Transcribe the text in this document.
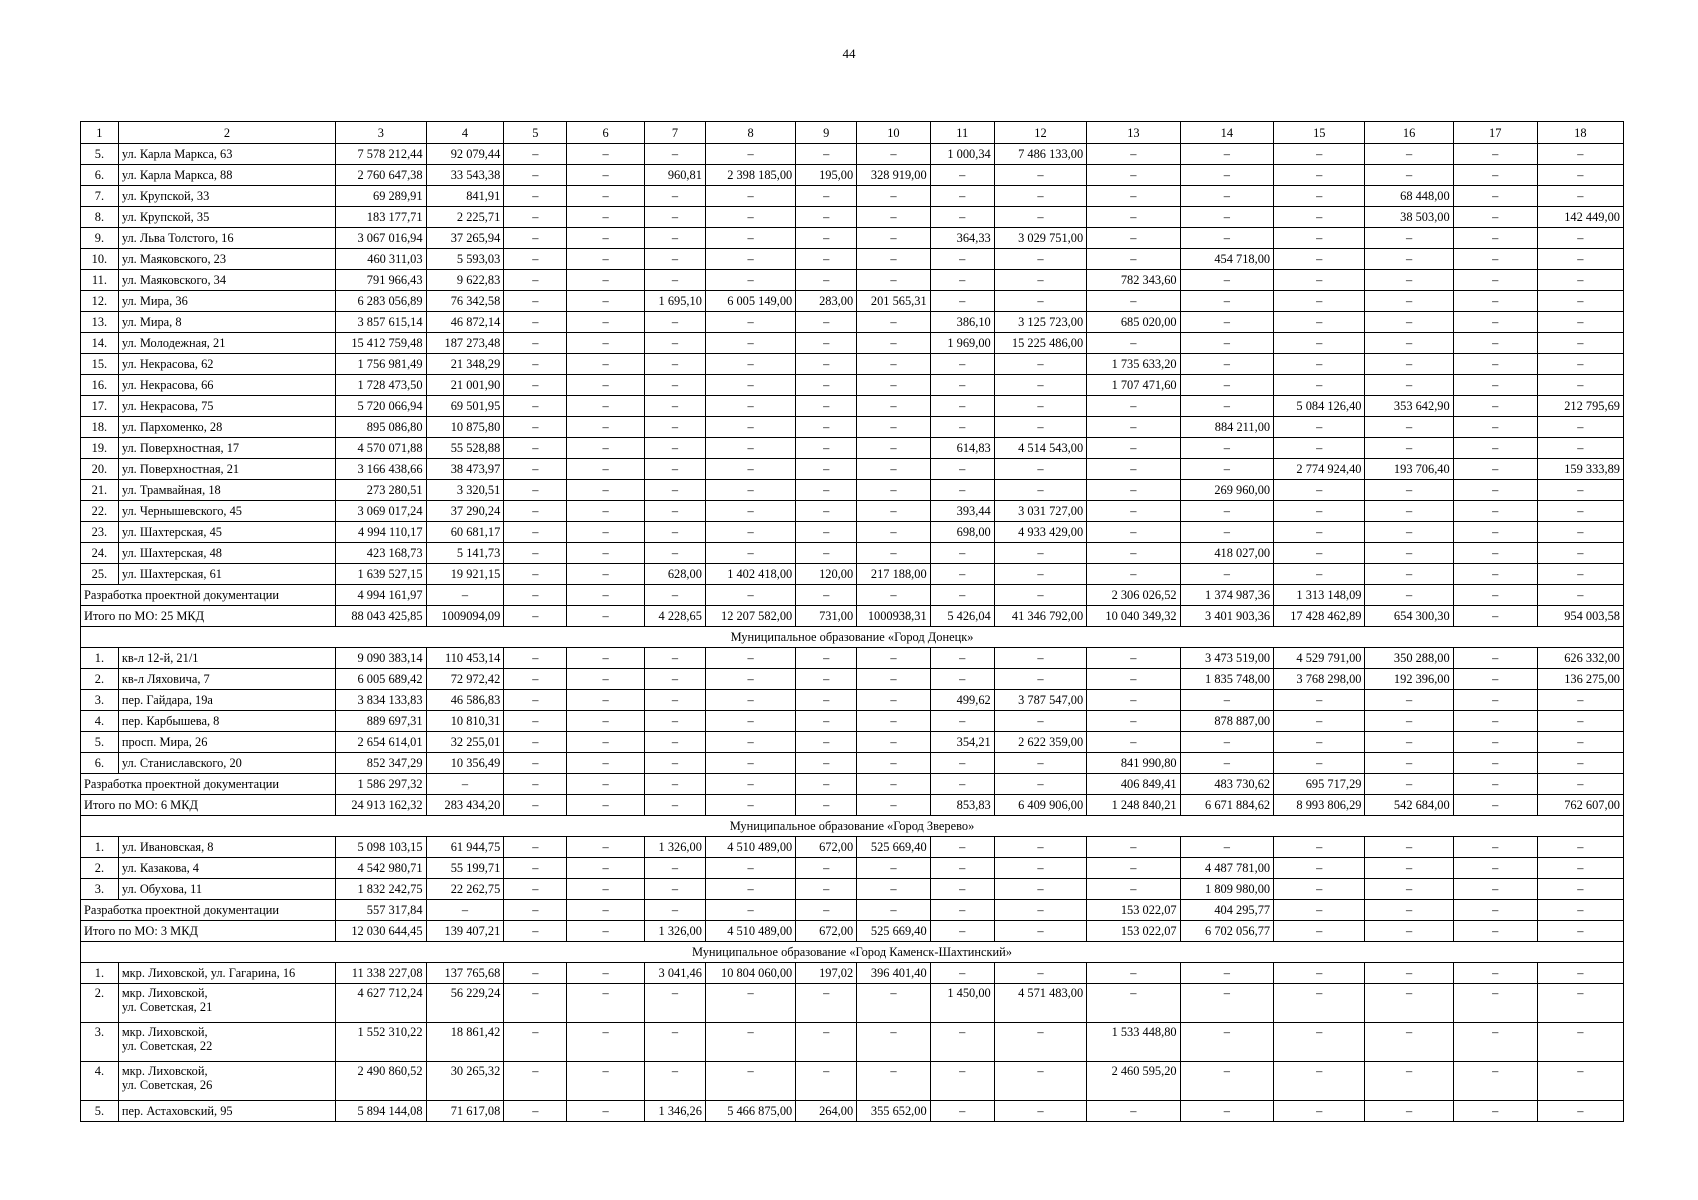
44
1	2	3	4	5	6	7	8	9	10	11	12	13	14	15	16	17	18
5.	ул. Карла Маркса, 63	7 578 212,44	92 079,44	–	–	–	–	–	–	1 000,34	7 486 133,00	–	–	–	–	–	–
6.	ул. Карла Маркса, 88	2 760 647,38	33 543,38	–	–	960,81	2 398 185,00	195,00	328 919,00	–	–	–	–	–	–	–	–
7.	ул. Крупской, 33	69 289,91	841,91	–	–	–	–	–	–	–	–	–	–	–	68 448,00	–	–
8.	ул. Крупской, 35	183 177,71	2 225,71	–	–	–	–	–	–	–	–	–	–	–	38 503,00	–	142 449,00
9.	ул. Льва Толстого, 16	3 067 016,94	37 265,94	–	–	–	–	–	–	364,33	3 029 751,00	–	–	–	–	–	–
10.	ул. Маяковского, 23	460 311,03	5 593,03	–	–	–	–	–	–	–	–	–	454 718,00	–	–	–	–
11.	ул. Маяковского, 34	791 966,43	9 622,83	–	–	–	–	–	–	–	–	782 343,60	–	–	–	–	–
12.	ул. Мира, 36	6 283 056,89	76 342,58	–	–	1 695,10	6 005 149,00	283,00	201 565,31	–	–	–	–	–	–	–	–
13.	ул. Мира, 8	3 857 615,14	46 872,14	–	–	–	–	–	–	386,10	3 125 723,00	685 020,00	–	–	–	–	–
14.	ул. Молодежная, 21	15 412 759,48	187 273,48	–	–	–	–	–	–	1 969,00	15 225 486,00	–	–	–	–	–	–
15.	ул. Некрасова, 62	1 756 981,49	21 348,29	–	–	–	–	–	–	–	–	1 735 633,20	–	–	–	–	–
16.	ул. Некрасова, 66	1 728 473,50	21 001,90	–	–	–	–	–	–	–	–	1 707 471,60	–	–	–	–	–
17.	ул. Некрасова, 75	5 720 066,94	69 501,95	–	–	–	–	–	–	–	–	–	–	5 084 126,40	353 642,90	–	212 795,69
18.	ул. Пархоменко, 28	895 086,80	10 875,80	–	–	–	–	–	–	–	–	–	884 211,00	–	–	–	–
19.	ул. Поверхностная, 17	4 570 071,88	55 528,88	–	–	–	–	–	–	614,83	4 514 543,00	–	–	–	–	–	–
20.	ул. Поверхностная, 21	3 166 438,66	38 473,97	–	–	–	–	–	–	–	–	–	–	2 774 924,40	193 706,40	–	159 333,89
21.	ул. Трамвайная, 18	273 280,51	3 320,51	–	–	–	–	–	–	–	–	–	269 960,00	–	–	–	–
22.	ул. Чернышевского, 45	3 069 017,24	37 290,24	–	–	–	–	–	–	393,44	3 031 727,00	–	–	–	–	–	–
23.	ул. Шахтерская, 45	4 994 110,17	60 681,17	–	–	–	–	–	–	698,00	4 933 429,00	–	–	–	–	–	–
24.	ул. Шахтерская, 48	423 168,73	5 141,73	–	–	–	–	–	–	–	–	–	418 027,00	–	–	–	–
25.	ул. Шахтерская, 61	1 639 527,15	19 921,15	–	–	628,00	1 402 418,00	120,00	217 188,00	–	–	–	–	–	–	–	–
Разработка проектной документации		4 994 161,97	–	–	–	–	–	–	–	–	–	2 306 026,52	1 374 987,36	1 313 148,09	–	–	–
Итого по МО: 25 МКД		88 043 425,85	1009094,09	–	–	4 228,65	12 207 582,00	731,00	1000938,31	5 426,04	41 346 792,00	10 040 349,32	3 401 903,36	17 428 462,89	654 300,30	–	954 003,58
Муниципальное образование «Город Донецк»																	
1.	кв-л 12-й, 21/1	9 090 383,14	110 453,14	–	–	–	–	–	–	–	–	–	3 473 519,00	4 529 791,00	350 288,00	–	626 332,00
2.	кв-л Ляховича, 7	6 005 689,42	72 972,42	–	–	–	–	–	–	–	–	–	1 835 748,00	3 768 298,00	192 396,00	–	136 275,00
3.	пер. Гайдара, 19а	3 834 133,83	46 586,83	–	–	–	–	–	–	499,62	3 787 547,00	–	–	–	–	–	–
4.	пер. Карбышева, 8	889 697,31	10 810,31	–	–	–	–	–	–	–	–	–	878 887,00	–	–	–	–
5.	просп. Мира, 26	2 654 614,01	32 255,01	–	–	–	–	–	–	354,21	2 622 359,00	–	–	–	–	–	–
6.	ул. Станиславского, 20	852 347,29	10 356,49	–	–	–	–	–	–	–	–	841 990,80	–	–	–	–	–
Разработка проектной документации		1 586 297,32	–	–	–	–	–	–	–	–	–	406 849,41	483 730,62	695 717,29	–	–	–
Итого по МО: 6 МКД		24 913 162,32	283 434,20	–	–	–	–	–	–	853,83	6 409 906,00	1 248 840,21	6 671 884,62	8 993 806,29	542 684,00	–	762 607,00
Муниципальное образование «Город Зверево»																	
1.	ул. Ивановская, 8	5 098 103,15	61 944,75	–	–	1 326,00	4 510 489,00	672,00	525 669,40	–	–	–	–	–	–	–	–
2.	ул. Казакова, 4	4 542 980,71	55 199,71	–	–	–	–	–	–	–	–	–	4 487 781,00	–	–	–	–
3.	ул. Обухова, 11	1 832 242,75	22 262,75	–	–	–	–	–	–	–	–	–	1 809 980,00	–	–	–	–
Разработка проектной документации		557 317,84	–	–	–	–	–	–	–	–	–	153 022,07	404 295,77	–	–	–	–
Итого по МО: 3 МКД		12 030 644,45	139 407,21	–	–	1 326,00	4 510 489,00	672,00	525 669,40	–	–	153 022,07	6 702 056,77	–	–	–	–
Муниципальное образование «Город Каменск-Шахтинский»																	
1.	мкр. Лиховской, ул. Гагарина, 16	11 338 227,08	137 765,68	–	–	3 041,46	10 804 060,00	197,02	396 401,40	–	–	–	–	–	–	–	–
2.	мкр. Лиховской,
ул. Советская, 21	4 627 712,24	56 229,24	–	–	–	–	–	–	1 450,00	4 571 483,00	–	–	–	–	–	–
3.	мкр. Лиховской,
ул. Советская, 22	1 552 310,22	18 861,42	–	–	–	–	–	–	–	–	1 533 448,80	–	–	–	–	–
4.	мкр. Лиховской,
ул. Советская, 26	2 490 860,52	30 265,32	–	–	–	–	–	–	–	–	2 460 595,20	–	–	–	–	–
5.	пер. Астаховский, 95	5 894 144,08	71 617,08	–	–	1 346,26	5 466 875,00	264,00	355 652,00	–	–	–	–	–	–	–	–
